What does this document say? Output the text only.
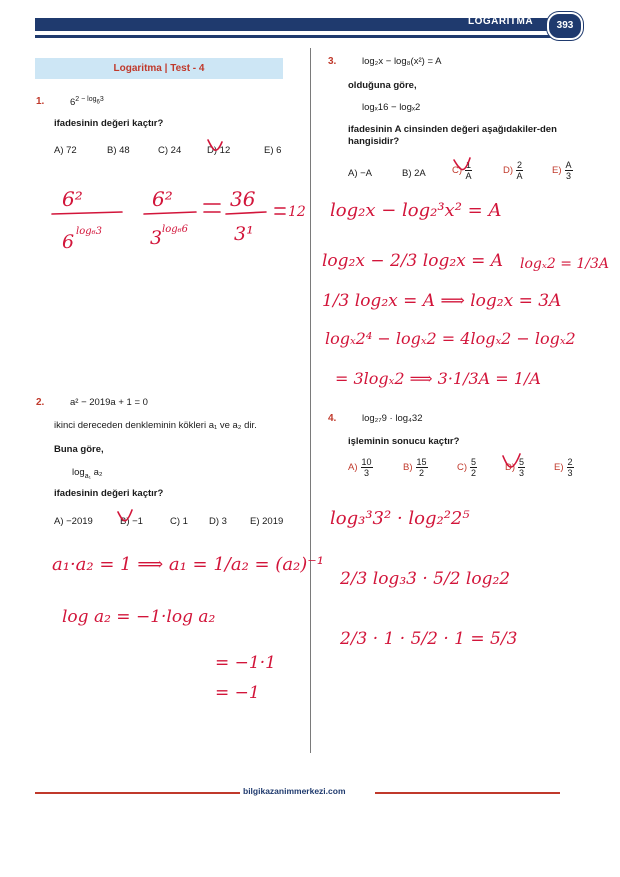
LOGARİTMA	393
Logaritma | Test - 4
1.	$6^{2 - log_63}$
ifadesinin değeri kaçtır?
A) 72	B) 48	C) 24	D) 12	E) 6
2.	a² − 2019a + 1 = 0
ikinci dereceden denkleminin kökleri a₁ ve a₂ dir.
Buna göre,
$\log_{a_1} a_2$
ifadesinin değeri kaçtır?
A) −2019	B) −1	C) 1 D) 3 E) 2019
3.	log₂x − log₈(x²) = A
olduğuna göre,
logₓ16 − logₓ2
ifadesinin A cinsinden değeri aşağıdakiler-den hangisidir?
A) −A	B) 2A	$C) \frac{1}{A}$	$D) \frac{2}{A}$	$E) \frac{A}{3}$
4.	log₂₇9 · log₄32
işleminin sonucu kaçtır?
$A) \frac{10}{3}$	$B) \frac{15}{2}$	$C) \frac{5}{2}$	$D) \frac{5}{3}$	$E) \frac{2}{3}$
6²	6²	36
6 log₆3	3 log₆6 3¹
12
a₁·a₂ = 1 ⟹ a₁ = 1/a₂ = (a₂)⁻¹
log a₂ = −1·log a₂
= −1·1
= −1
log₂x − log₂³x² = A
log₂x − 2/3 log₂x = A logₓ2 = 1/3A
1/3 log₂x = A ⟹ log₂x = 3A
logₓ2⁴ − logₓ2 = 4logₓ2 − logₓ2
= 3logₓ2 ⟹ 3·1/3A = 1/A
log₃³3² · log₂²2⁵
2/3 log₃3 · 5/2 log₂2
2/3 · 1 · 5/2 · 1 = 5/3
bilgikazanimmerkezi.com
